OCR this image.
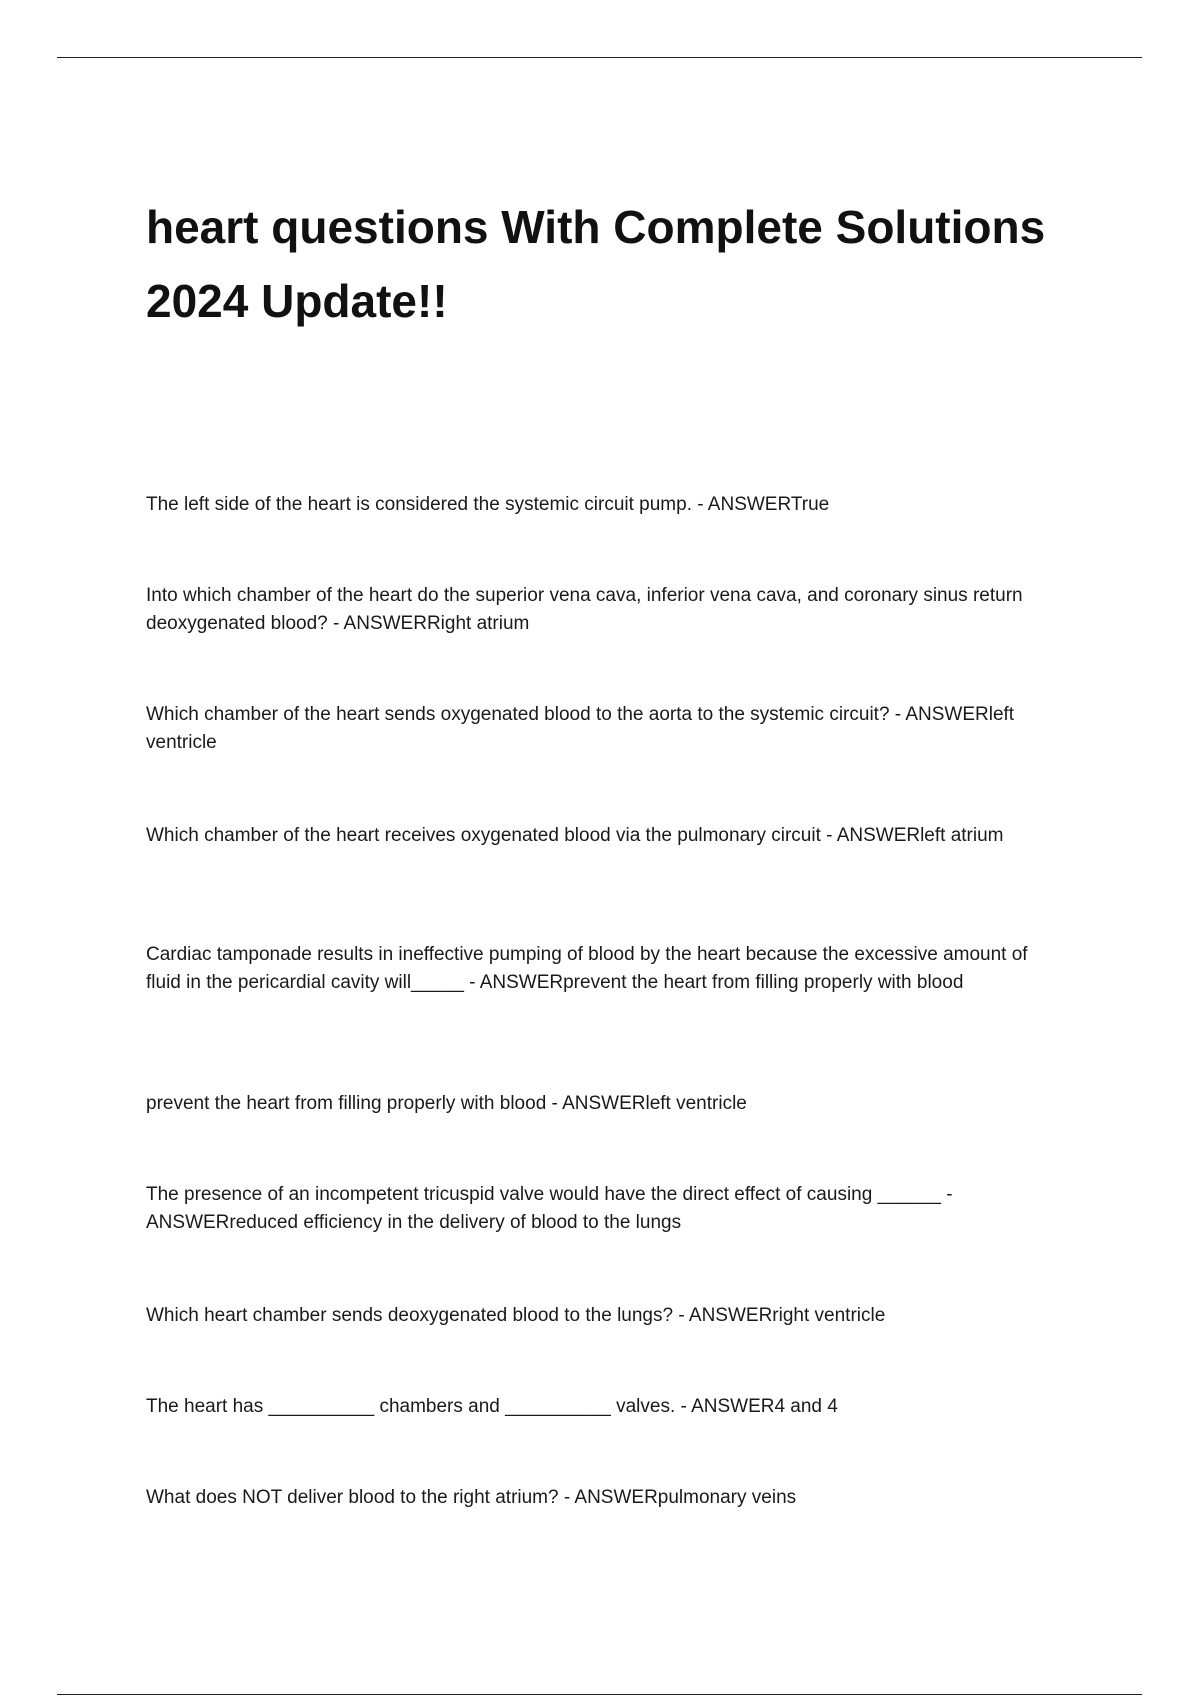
heart questions With Complete Solutions 2024 Update!!
The left side of the heart is considered the systemic circuit pump. - ANSWERTrue
Into which chamber of the heart do the superior vena cava, inferior vena cava, and coronary sinus return deoxygenated blood? - ANSWERRight atrium
Which chamber of the heart sends oxygenated blood to the aorta to the systemic circuit? - ANSWERleft ventricle
Which chamber of the heart receives oxygenated blood via the pulmonary circuit - ANSWERleft atrium
Cardiac tamponade results in ineffective pumping of blood by the heart because the excessive amount of fluid in the pericardial cavity will_____ - ANSWERprevent the heart from filling properly with blood
prevent the heart from filling properly with blood - ANSWERleft ventricle
The presence of an incompetent tricuspid valve would have the direct effect of causing ______ - ANSWERreduced efficiency in the delivery of blood to the lungs
Which heart chamber sends deoxygenated blood to the lungs? - ANSWERright ventricle
The heart has __________ chambers and __________ valves. - ANSWER4 and 4
What does NOT deliver blood to the right atrium? - ANSWERpulmonary veins
